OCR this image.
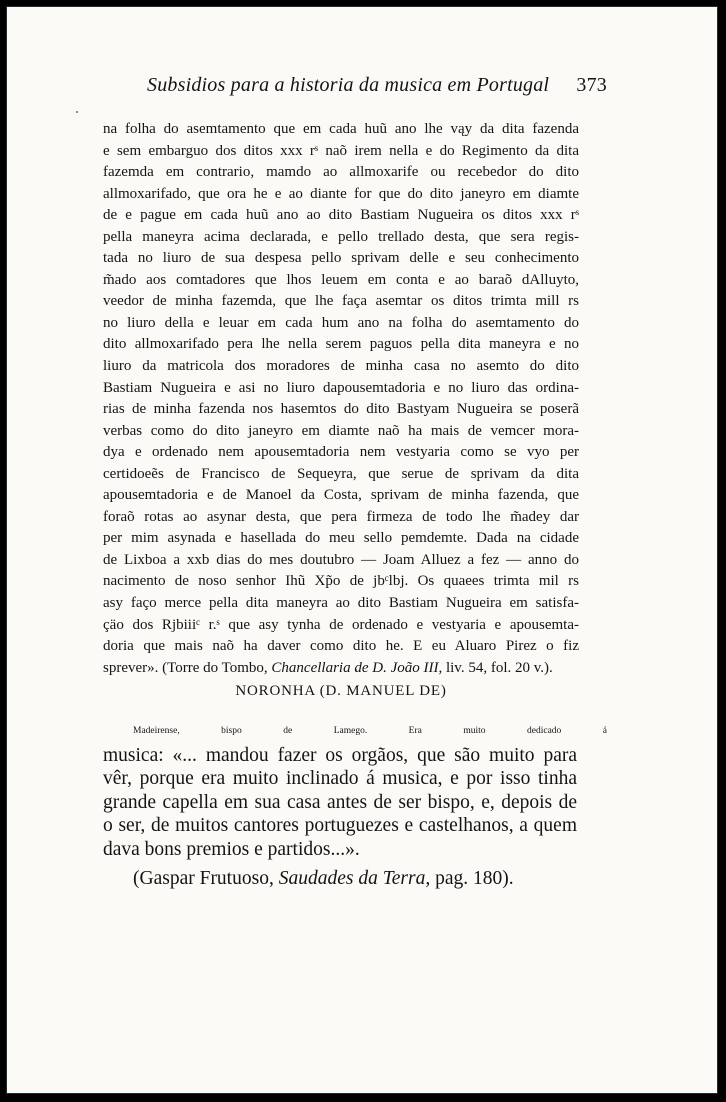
Subsidios para a historia da musica em Portugal 373
na folha do asemtamento que em cada huũ ano lhe vąy da dita fazenda
e sem embarguo dos ditos xxx rˢ naõ irem nella e do Regimento da dita
fazemda em contrario, mamdo ao allmoxarife ou recebedor do dito
allmoxarifado, que ora he e ao diante for que do dito janeyro em diamte
de e pague em cada huũ ano ao dito Bastiam Nugueira os ditos xxx rˢ
pella maneyra acima declarada, e pello trellado desta, que sera regis-
tada no liuro de sua despesa pello sprivam delle e seu conhecimento
m̃ado aos comtadores que lhos leuem em conta e ao baraõ dAlluyto,
veedor de minha fazemda, que lhe faça asemtar os ditos trimta mill rs
no liuro della e leuar em cada hum ano na folha do asemtamento do
dito allmoxarifado pera lhe nella serem paguos pella dita maneyra e no
liuro da matricola dos moradores de minha casa no asemto do dito
Bastiam Nugueira e asi no liuro dapousemtadoria e no liuro das ordina-
rias de minha fazenda nos hasemtos do dito Bastyam Nugueira se poserã
verbas como do dito janeyro em diamte naõ ha mais de vemcer mora-
dya e ordenado nem apousemtadoria nem vestyaria como se vyo per
certidoeẽs de Francisco de Sequeyra, que serue de sprivam da dita
apousemtadoria e de Manoel da Costa, sprivam de minha fazenda, que
foraõ rotas ao asynar desta, que pera firmeza de todo lhe m̃adey dar
per mim asynada e hasellada do meu sello pemdemte. Dada na cidade
de Lixboa a xxb dias do mes doutubro — Joam Alluez a fez — anno do
nacimento de noso senhor Ihũ Xp̃o de jbᶜlbj. Os quaees trimta mil rs
asy faço merce pella dita maneyra ao dito Bastiam Nugueira em satisfa-
çäo dos Rjbiiiᶜ r.ˢ que asy tynha de ordenado e vestyaria e apousemta-
doria que mais naõ ha daver como dito he. E eu Aluaro Pirez o fiz
sprever». (Torre do Tombo, Chancellaria de D. João III, liv. 54, fol. 20 v.).
NORONHA (D. MANUEL DE)
Madeirense, bispo de Lamego. Era muito dedicado á
musica: «... mandou fazer os orgãos, que são muito para
vêr, porque era muito inclinado á musica, e por isso tinha
grande capella em sua casa antes de ser bispo, e, depois de
o ser, de muitos cantores portuguezes e castelhanos, a quem
dava bons premios e partidos...».
(Gaspar Frutuoso, Saudades da Terra, pag. 180).
